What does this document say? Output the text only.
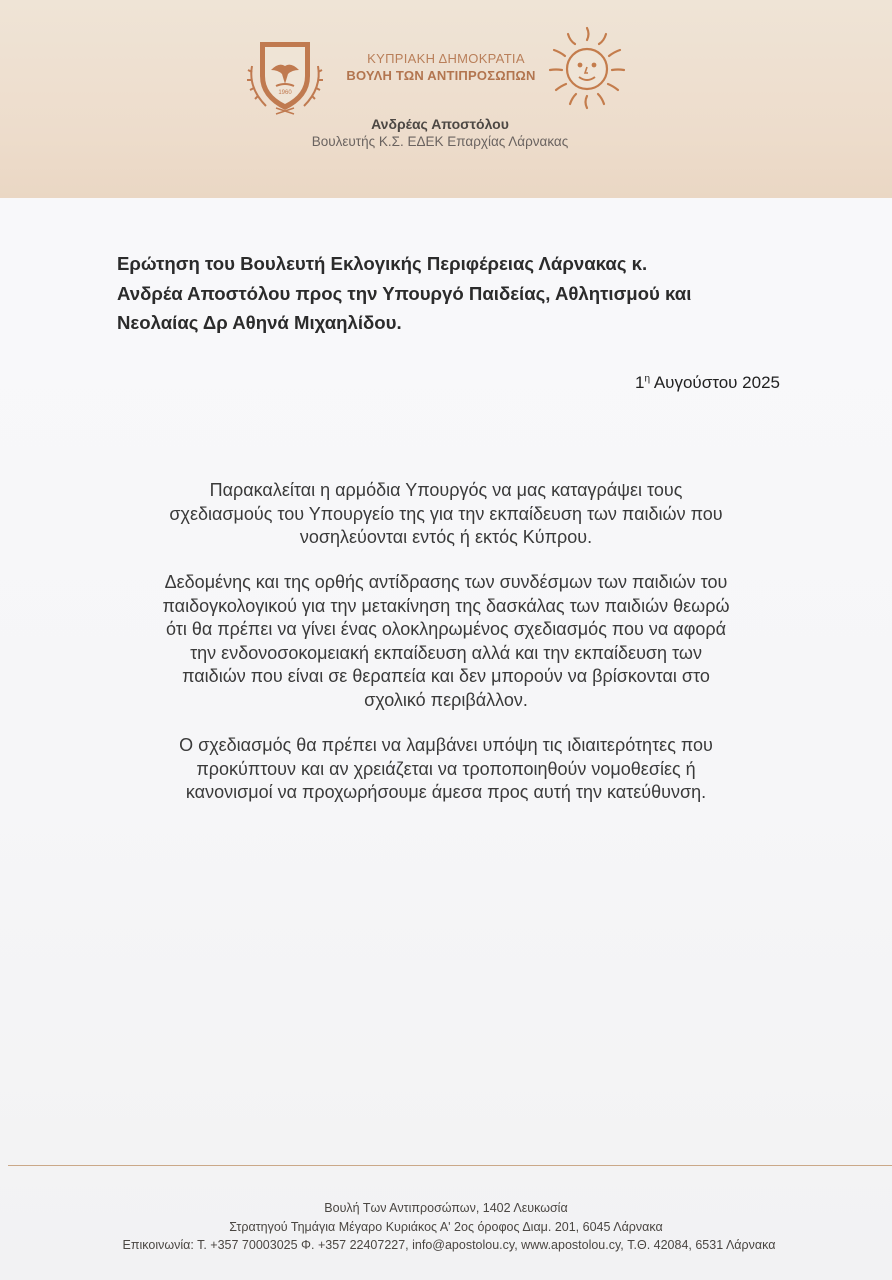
1960
ΚΥΠΡΙΑΚΗ ΔΗΜΟΚΡΑΤΙΑ
ΒΟΥΛΗ ΤΩΝ ΑΝΤΙΠΡΟΣΩΠΩΝ
Ανδρέας Αποστόλου
Βουλευτής Κ.Σ. ΕΔΕΚ Επαρχίας Λάρνακας
Ερώτηση του Βουλευτή Εκλογικής Περιφέρειας Λάρνακας κ.
Ανδρέα Αποστόλου προς την Υπουργό Παιδείας, Αθλητισμού και
Νεολαίας Δρ Αθηνά Μιχαηλίδου.
$1^\eta$ Αυγούστου 2025
Παρακαλείται η αρμόδια Υπουργός να μας καταγράψει τους
σχεδιασμούς του Υπουργείο της για την εκπαίδευση των παιδιών που
νοσηλεύονται εντός ή εκτός Κύπρου.
Δεδομένης και της ορθής αντίδρασης των συνδέσμων των παιδιών του
παιδογκολογικού για την μετακίνηση της δασκάλας των παιδιών θεωρώ
ότι θα πρέπει να γίνει ένας ολοκληρωμένος σχεδιασμός που να αφορά
την ενδονοσοκομειακή εκπαίδευση αλλά και την εκπαίδευση των
παιδιών που είναι σε θεραπεία και δεν μπορούν να βρίσκονται στο
σχολικό περιβάλλον.
Ο σχεδιασμός θα πρέπει να λαμβάνει υπόψη τις ιδιαιτερότητες που
προκύπτουν και αν χρειάζεται να τροποποιηθούν νομοθεσίες ή
κανονισμοί να προχωρήσουμε άμεσα προς αυτή την κατεύθυνση.
Βουλή Των Αντιπροσώπων, 1402 Λευκωσία
Στρατηγού Τημάγια Μέγαρο Κυριάκος Α' 2ος όροφος Διαμ. 201, 6045 Λάρνακα
Επικοινωνία: Τ. +357 70003025 Φ. +357 22407227, info@apostolou.cy, www.apostolou.cy, Τ.Θ. 42084, 6531 Λάρνακα
